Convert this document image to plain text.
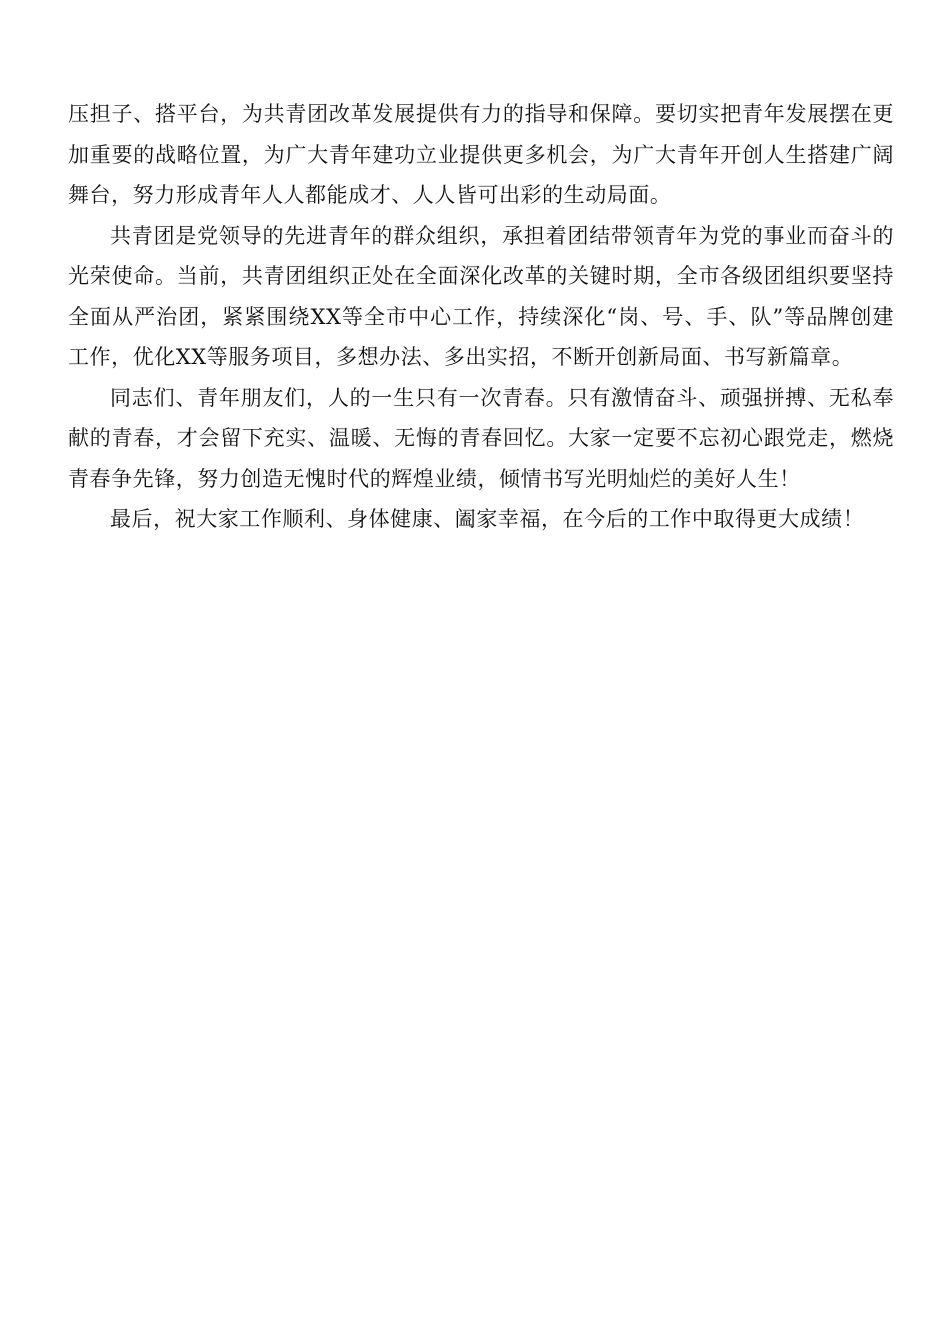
压担子、搭平台，为共青团改革发展提供有力的指导和保障。要切实把青年发展摆在更加重要的战略位置，为广大青年建功立业提供更多机会，为广大青年开创人生搭建广阔舞台，努力形成青年人人都能成才、人人皆可出彩的生动局面。

共青团是党领导的先进青年的群众组织，承担着团结带领青年为党的事业而奋斗的光荣使命。当前，共青团组织正处在全面深化改革的关键时期，全市各级团组织要坚持全面从严治团，紧紧围绕XX等全市中心工作，持续深化“岗、号、手、队”等品牌创建工作，优化XX等服务项目，多想办法、多出实招，不断开创新局面、书写新篇章。

同志们、青年朋友们，人的一生只有一次青春。只有激情奋斗、顽强拼搏、无私奉献的青春，才会留下充实、温暖、无悔的青春回忆。大家一定要不忘初心跟党走，燃烧青春争先锋，努力创造无愧时代的辉煌业绩，倾情书写光明灿烂的美好人生！

最后，祝大家工作顺利、身体健康、阖家幸福，在今后的工作中取得更大成绩！
